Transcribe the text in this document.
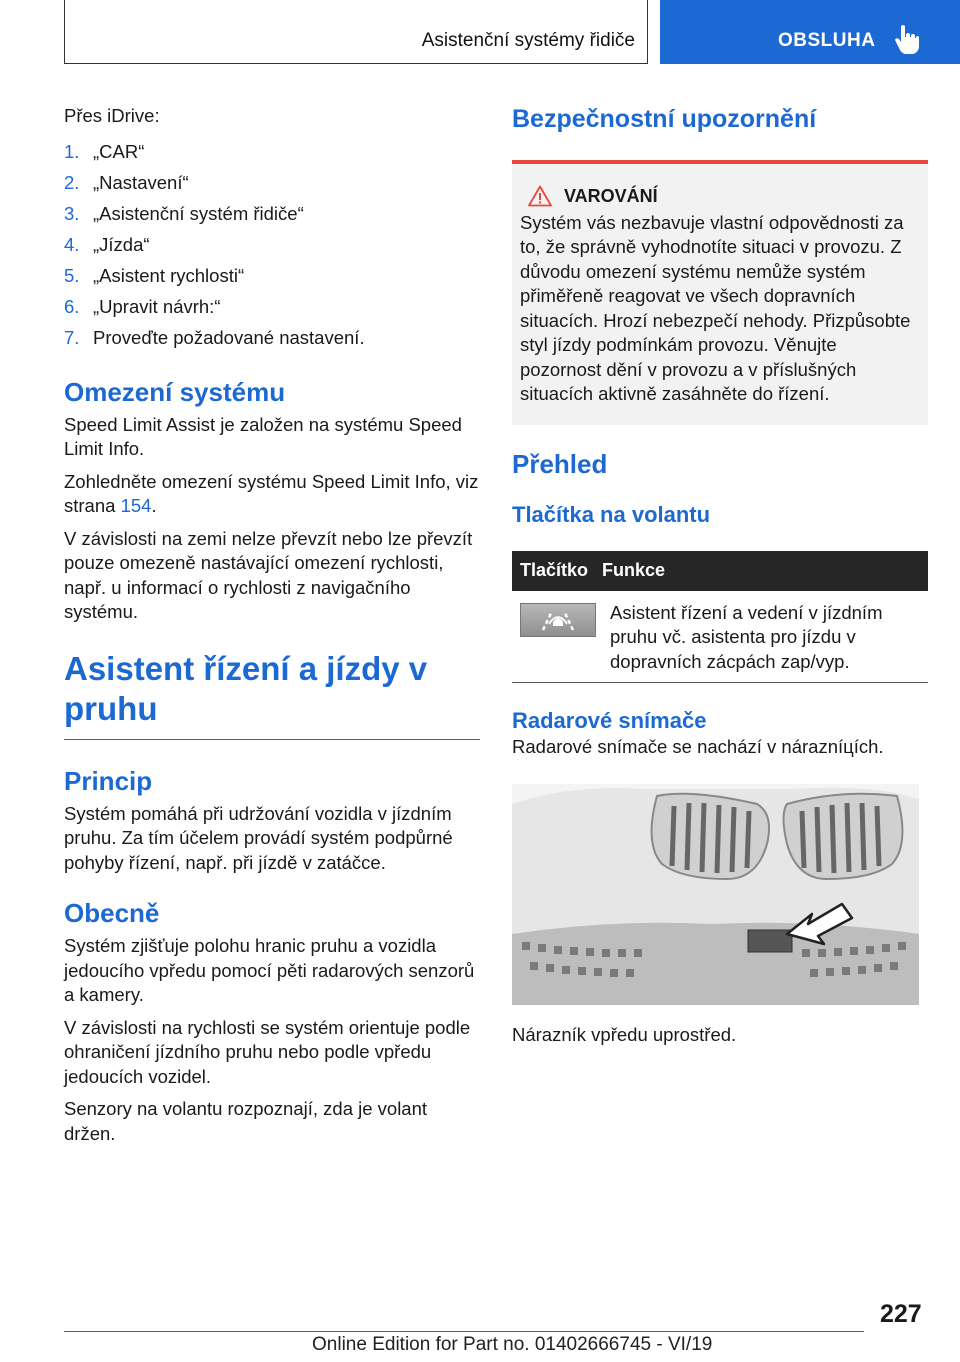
Asistenční systémy řidiče	OBSLUHA

Přes iDrive:

1. „CAR“
2. „Nastavení“
3. „Asistenční systém řidiče“
4. „Jízda“
5. „Asistent rychlosti“
6. „Upravit návrh:“
7. Proveďte požadované nastavení.
Omezení systému

Speed Limit Assist je založen na systému Speed Limit Info.

Zohledněte omezení systému Speed Limit Info, viz strana 154.

V závislosti na zemi nelze převzít nebo lze převzít pouze omezeně nastávající omezení rychlosti, např. u informací o rychlosti z navigačního systému.

Asistent řízení a jízdy v pruhu
Princip

Systém pomáhá při udržování vozidla v jízdním pruhu. Za tím účelem provádí systém podpůrné pohyby řízení, např. při jízdě v zatáčce.

Obecně

Systém zjišťuje polohu hranic pruhu a vozidla jedoucího vpředu pomocí pěti radarových senzorů a kamery.

V závislosti na rychlosti se systém orientuje podle ohraničení jízdního pruhu nebo podle vpředu jedoucích vozidel.

Senzory na volantu rozpoznají, zda je volant držen.

Bezpečnostní upozornění
VAROVÁNÍ
Systém vás nezbavuje vlastní odpovědnosti za to, že správně vyhodnotíte situaci v provozu. Z důvodu omezení systému nemůže systém přiměřeně reagovat ve všech dopravních situacích. Hrozí nebezpečí nehody. Přizpůsobte styl jízdy podmínkám provozu. Věnujte pozornost dění v provozu a v příslušných situacích aktivně zasáhněte do řízení.
Přehled
Tlačítka na volantu
Tlačítko Funkce
Asistent řízení a vedení v jízdním pruhu vč. asistenta pro jízdu v dopravních zácpách zap/vyp.
Radarové snímače

Radarové snímače se nachází v nárazníцích.

Nárazník vpředu uprostřed.

227
Online Edition for Part no. 01402666745 - VI/19
